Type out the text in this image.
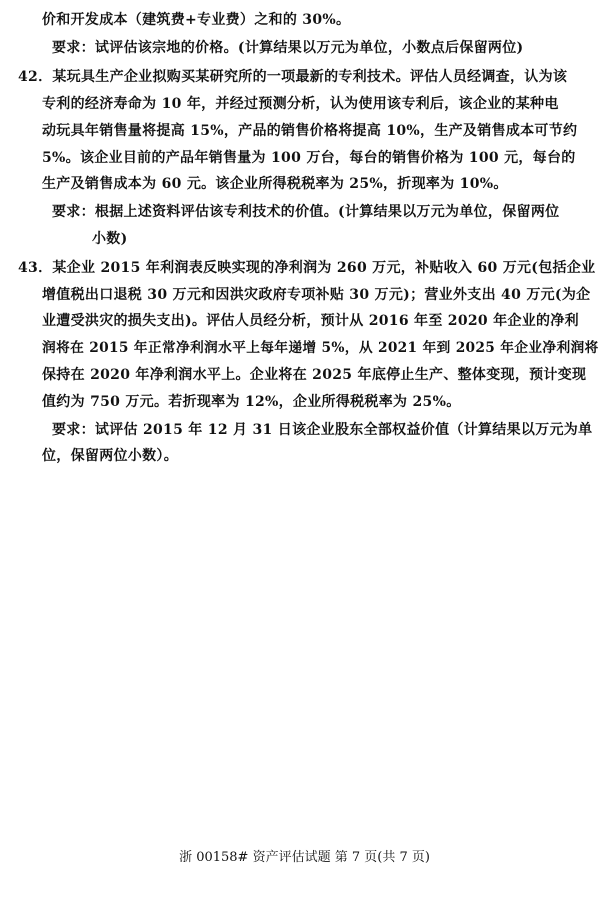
价和开发成本（建筑费+专业费）之和的 30%。
要求：试评估该宗地的价格。(计算结果以万元为单位，小数点后保留两位)
42．某玩具生产企业拟购买某研究所的一项最新的专利技术。评估人员经调查，认为该
专利的经济寿命为 10 年，并经过预测分析，认为使用该专利后，该企业的某种电
动玩具年销售量将提高 15%，产品的销售价格将提高 10%，生产及销售成本可节约
5%。该企业目前的产品年销售量为 100 万台，每台的销售价格为 100 元，每台的
生产及销售成本为 60 元。该企业所得税税率为 25%，折现率为 10%。
要求：根据上述资料评估该专利技术的价值。(计算结果以万元为单位，保留两位
小数)
43．某企业 2015 年利润表反映实现的净利润为 260 万元，补贴收入 60 万元(包括企业
增值税出口退税 30 万元和因洪灾政府专项补贴 30 万元)；营业外支出 40 万元(为企
业遭受洪灾的损失支出)。评估人员经分析，预计从 2016 年至 2020 年企业的净利
润将在 2015 年正常净利润水平上每年递增 5%，从 2021 年到 2025 年企业净利润将
保持在 2020 年净利润水平上。企业将在 2025 年底停止生产、整体变现，预计变现
值约为 750 万元。若折现率为 12%，企业所得税税率为 25%。
要求：试评估 2015 年 12 月 31 日该企业股东全部权益价值（计算结果以万元为单
位，保留两位小数）。
浙 00158# 资产评估试题 第 7 页(共 7 页)
